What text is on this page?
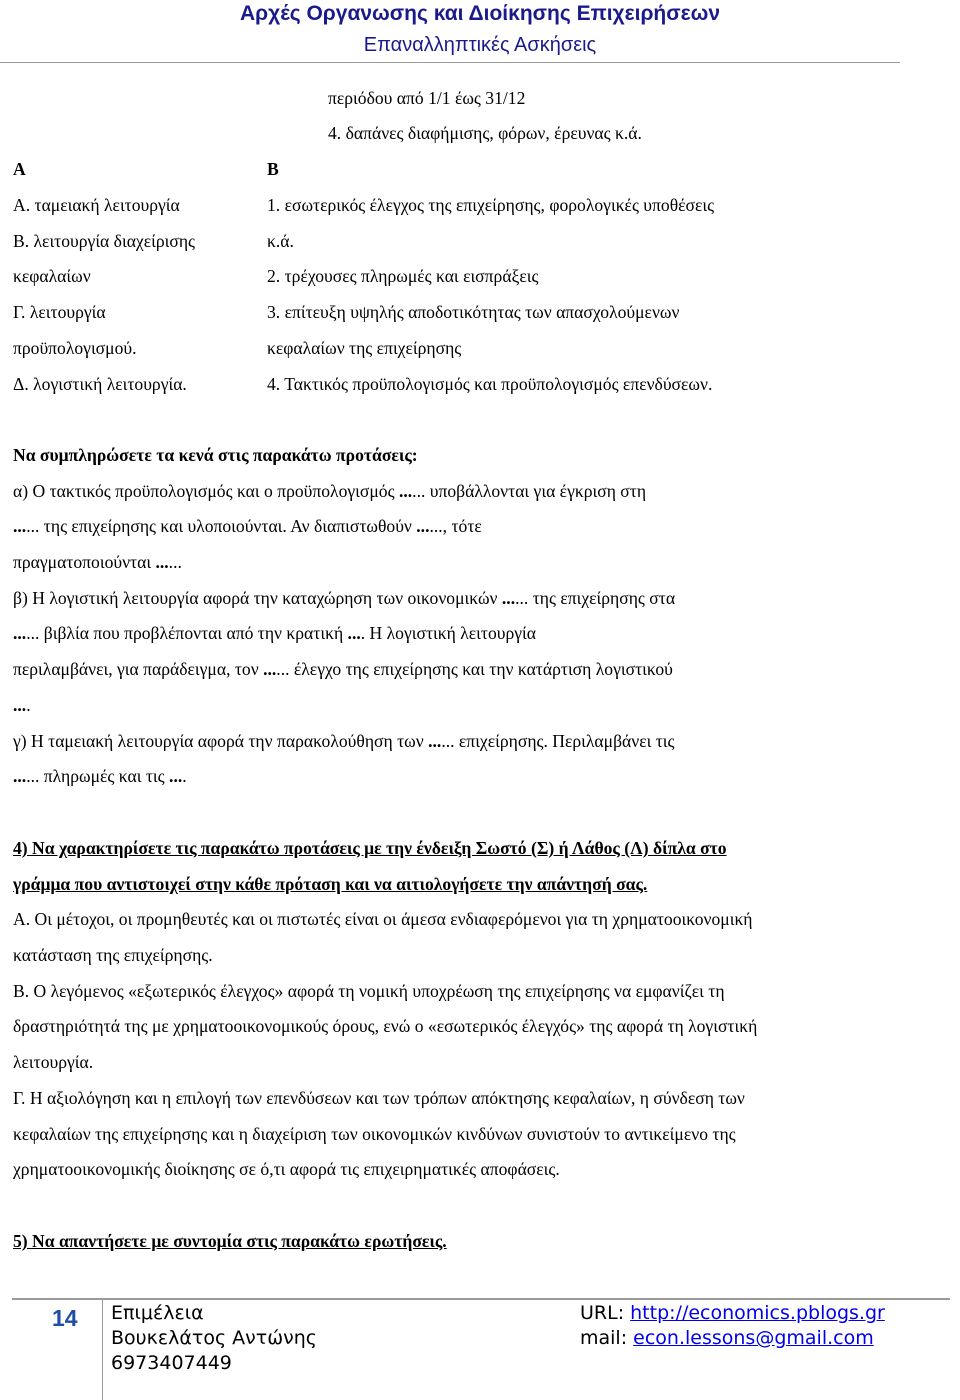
Αρχές Οργανωσης και Διοίκησης Επιχειρήσεων
Επαναλληπτικές Ασκήσεις
περιόδου από 1/1 έως 31/12
4. δαπάνες διαφήμισης, φόρων, έρευνας κ.ά.
Α	Β
Α. ταμειακή λειτουργία
Β. λειτουργία διαχείρισης
κεφαλαίων
Γ. λειτουργία
προϋπολογισμού.
Δ. λογιστική λειτουργία.
1. εσωτερικός έλεγχος της επιχείρησης, φορολογικές υποθέσεις
κ.ά.
2. τρέχουσες πληρωμές και εισπράξεις
3. επίτευξη υψηλής αποδοτικότητας των απασχολούμενων
κεφαλαίων της επιχείρησης
4. Τακτικός προϋπολογισμός και προϋπολογισμός επενδύσεων.
Να συμπληρώσετε τα κενά στις παρακάτω προτάσεις:
α) Ο τακτικός προϋπολογισμός και ο προϋπολογισμός ...... υποβάλλονται για έγκριση στη
...... της επιχείρησης και υλοποιούνται. Αν διαπιστωθούν ......, τότε
πραγματοποιούνται ......
β) Η λογιστική λειτουργία αφορά την καταχώρηση των οικονομικών ...... της επιχείρησης στα
...... βιβλία που προβλέπονται από την κρατική .... Η λογιστική λειτουργία
περιλαμβάνει, για παράδειγμα, τον ...... έλεγχο της επιχείρησης και την κατάρτιση λογιστικού
....
γ) Η ταμειακή λειτουργία αφορά την παρακολούθηση των ...... επιχείρησης. Περιλαμβάνει τις
...... πληρωμές και τις ....
4) Να χαρακτηρίσετε τις παρακάτω προτάσεις με την ένδειξη Σωστό (Σ) ή Λάθος (Λ) δίπλα στο
γράμμα που αντιστοιχεί στην κάθε πρόταση και να αιτιολογήσετε την απάντησή σας.
Α. Οι μέτοχοι, οι προμηθευτές και οι πιστωτές είναι οι άμεσα ενδιαφερόμενοι για τη χρηματοοικονομική
κατάσταση της επιχείρησης.
Β. Ο λεγόμενος «εξωτερικός έλεγχος» αφορά τη νομική υποχρέωση της επιχείρησης να εμφανίζει τη
δραστηριότητά της με χρηματοοικονομικούς όρους, ενώ ο «εσωτερικός έλεγχός» της αφορά τη λογιστική
λειτουργία.
Γ. Η αξιολόγηση και η επιλογή των επενδύσεων και των τρόπων απόκτησης κεφαλαίων, η σύνδεση των
κεφαλαίων της επιχείρησης και η διαχείριση των οικονομικών κινδύνων συνιστούν το αντικείμενο της
χρηματοοικονομικής διοίκησης σε ό,τι αφορά τις επιχειρηματικές αποφάσεις.
5) Να απαντήσετε με συντομία στις παρακάτω ερωτήσεις.
14 Επιμέλεια
Βουκελάτος Αντώνης
6973407449
URL: http://economics.pblogs.gr
mail: econ.lessons@gmail.com
